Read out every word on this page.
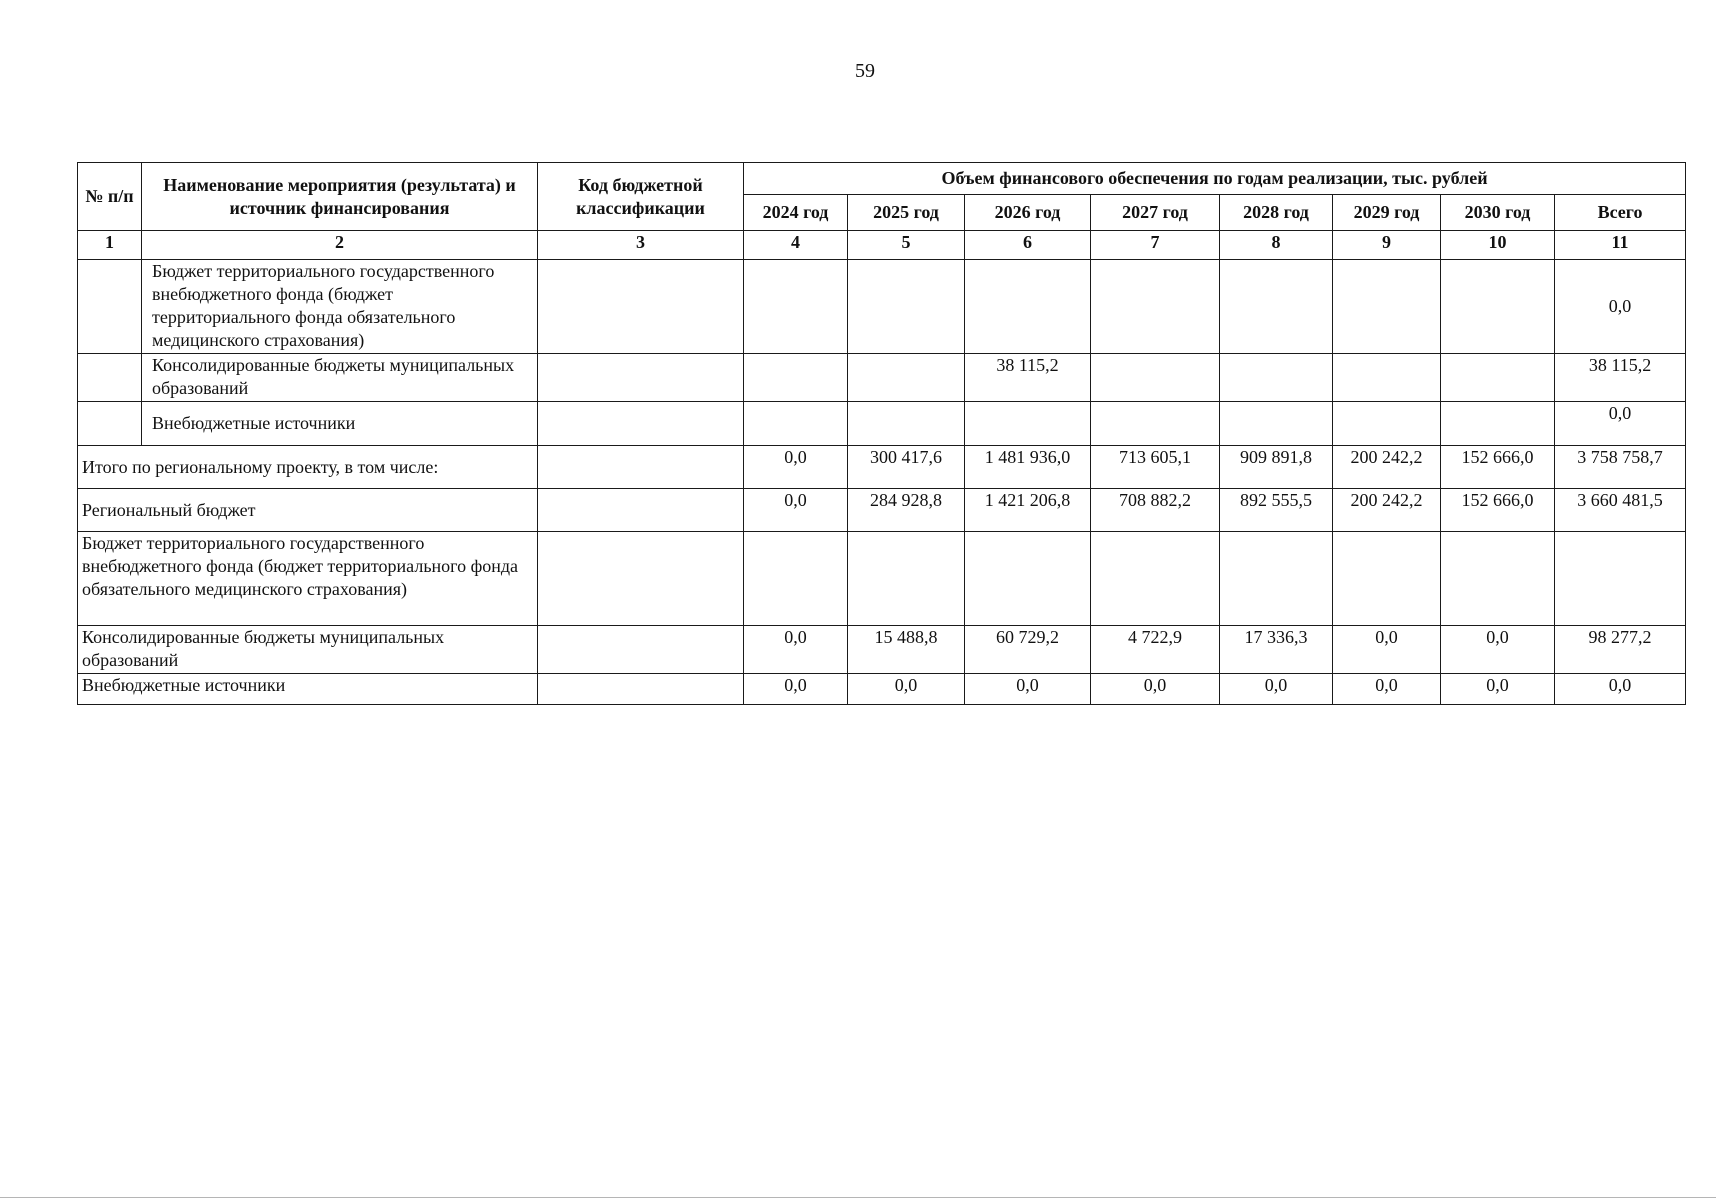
59
№ п/п	Наименование мероприятия (результата) и источник финансирования	Код бюджетной классификации	Объем финансового обеспечения по годам реализации, тыс. рублей							
			2024 год	2025 год	2026 год	2027 год	2028 год	2029 год	2030 год	Всего
1	2	3	4	5	6	7	8	9	10	11
	Бюджет территориального государственного внебюджетного фонда (бюджет территориального фонда обязательного медицинского страхования)									0,0
	Консолидированные бюджеты муниципальных образований				38 115,2					38 115,2
	Внебюджетные источники									0,0
Итого по региональному проекту, в том числе:			0,0	300 417,6	1 481 936,0	713 605,1	909 891,8	200 242,2	152 666,0	3 758 758,7
Региональный бюджет			0,0	284 928,8	1 421 206,8	708 882,2	892 555,5	200 242,2	152 666,0	3 660 481,5
Бюджет территориального государственного внебюджетного фонда (бюджет территориального фонда обязательного медицинского страхования)										
Консолидированные бюджеты муниципальных образований			0,0	15 488,8	60 729,2	4 722,9	17 336,3	0,0	0,0	98 277,2
Внебюджетные источники			0,0	0,0	0,0	0,0	0,0	0,0	0,0	0,0
